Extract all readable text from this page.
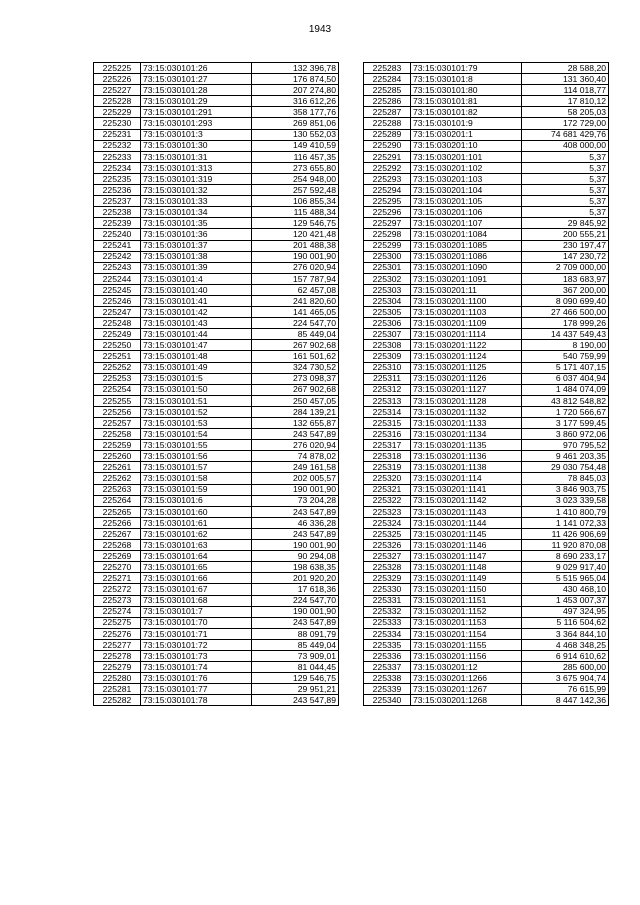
1943
225225	73:15:030101:26	132 396,78
225226	73:15:030101:27	176 874,50
225227	73:15:030101:28	207 274,80
225228	73:15:030101:29	316 612,26
225229	73:15:030101:291	358 177,76
225230	73:15:030101:293	269 851,06
225231	73:15:030101:3	130 552,03
225232	73:15:030101:30	149 410,59
225233	73:15:030101:31	116 457,35
225234	73:15:030101:313	273 655,80
225235	73:15:030101:319	254 948,00
225236	73:15:030101:32	257 592,48
225237	73:15:030101:33	106 855,34
225238	73:15:030101:34	115 488,34
225239	73:15:030101:35	129 546,75
225240	73:15:030101:36	120 421,48
225241	73:15:030101:37	201 488,38
225242	73:15:030101:38	190 001,90
225243	73:15:030101:39	276 020,94
225244	73:15:030101:4	157 787,94
225245	73:15:030101:40	62 457,08
225246	73:15:030101:41	241 820,60
225247	73:15:030101:42	141 465,05
225248	73:15:030101:43	224 547,70
225249	73:15:030101:44	85 449,04
225250	73:15:030101:47	267 902,68
225251	73:15:030101:48	161 501,62
225252	73:15:030101:49	324 730,52
225253	73:15:030101:5	273 098,37
225254	73:15:030101:50	267 902,68
225255	73:15:030101:51	250 457,05
225256	73:15:030101:52	284 139,21
225257	73:15:030101:53	132 655,87
225258	73:15:030101:54	243 547,89
225259	73:15:030101:55	276 020,94
225260	73:15:030101:56	74 878,02
225261	73:15:030101:57	249 161,58
225262	73:15:030101:58	202 005,57
225263	73:15:030101:59	190 001,90
225264	73:15:030101:6	73 204,28
225265	73:15:030101:60	243 547,89
225266	73:15:030101:61	46 336,28
225267	73:15:030101:62	243 547,89
225268	73:15:030101:63	190 001,90
225269	73:15:030101:64	90 294,08
225270	73:15:030101:65	198 638,35
225271	73:15:030101:66	201 920,20
225272	73:15:030101:67	17 618,36
225273	73:15:030101:68	224 547,70
225274	73:15:030101:7	190 001,90
225275	73:15:030101:70	243 547,89
225276	73:15:030101:71	88 091,79
225277	73:15:030101:72	85 449,04
225278	73:15:030101:73	73 909,01
225279	73:15:030101:74	81 044,45
225280	73:15:030101:76	129 546,75
225281	73:15:030101:77	29 951,21
225282	73:15:030101:78	243 547,89
225283	73:15:030101:79	28 588,20
225284	73:15:030101:8	131 360,40
225285	73:15:030101:80	114 018,77
225286	73:15:030101:81	17 810,12
225287	73:15:030101:82	58 205,03
225288	73:15:030101:9	172 729,00
225289	73:15:030201:1	74 681 429,76
225290	73:15:030201:10	408 000,00
225291	73:15:030201:101	5,37
225292	73:15:030201:102	5,37
225293	73:15:030201:103	5,37
225294	73:15:030201:104	5,37
225295	73:15:030201:105	5,37
225296	73:15:030201:106	5,37
225297	73:15:030201:107	29 845,92
225298	73:15:030201:1084	200 555,21
225299	73:15:030201:1085	230 197,47
225300	73:15:030201:1086	147 230,72
225301	73:15:030201:1090	2 709 000,00
225302	73:15:030201:1091	183 683,97
225303	73:15:030201:11	367 200,00
225304	73:15:030201:1100	8 090 699,40
225305	73:15:030201:1103	27 466 500,00
225306	73:15:030201:1109	178 999,26
225307	73:15:030201:1114	14 437 549,43
225308	73:15:030201:1122	8 190,00
225309	73:15:030201:1124	540 759,99
225310	73:15:030201:1125	5 171 407,15
225311	73:15:030201:1126	6 037 404,94
225312	73:15:030201:1127	1 484 074,09
225313	73:15:030201:1128	43 812 548,82
225314	73:15:030201:1132	1 720 566,67
225315	73:15:030201:1133	3 177 599,45
225316	73:15:030201:1134	3 860 972,06
225317	73:15:030201:1135	970 795,52
225318	73:15:030201:1136	9 461 203,35
225319	73:15:030201:1138	29 030 754,48
225320	73:15:030201:114	78 845,03
225321	73:15:030201:1141	3 846 903,75
225322	73:15:030201:1142	3 023 339,58
225323	73:15:030201:1143	1 410 800,79
225324	73:15:030201:1144	1 141 072,33
225325	73:15:030201:1145	11 426 906,69
225326	73:15:030201:1146	11 920 870,08
225327	73:15:030201:1147	8 690 233,17
225328	73:15:030201:1148	9 029 917,40
225329	73:15:030201:1149	5 515 965,04
225330	73:15:030201:1150	430 468,10
225331	73:15:030201:1151	1 453 007,37
225332	73:15:030201:1152	497 324,95
225333	73:15:030201:1153	5 116 504,62
225334	73:15:030201:1154	3 364 844,10
225335	73:15:030201:1155	4 468 348,25
225336	73:15:030201:1156	6 914 610,62
225337	73:15:030201:12	285 600,00
225338	73:15:030201:1266	3 675 904,74
225339	73:15:030201:1267	76 615,99
225340	73:15:030201:1268	8 447 142,36
